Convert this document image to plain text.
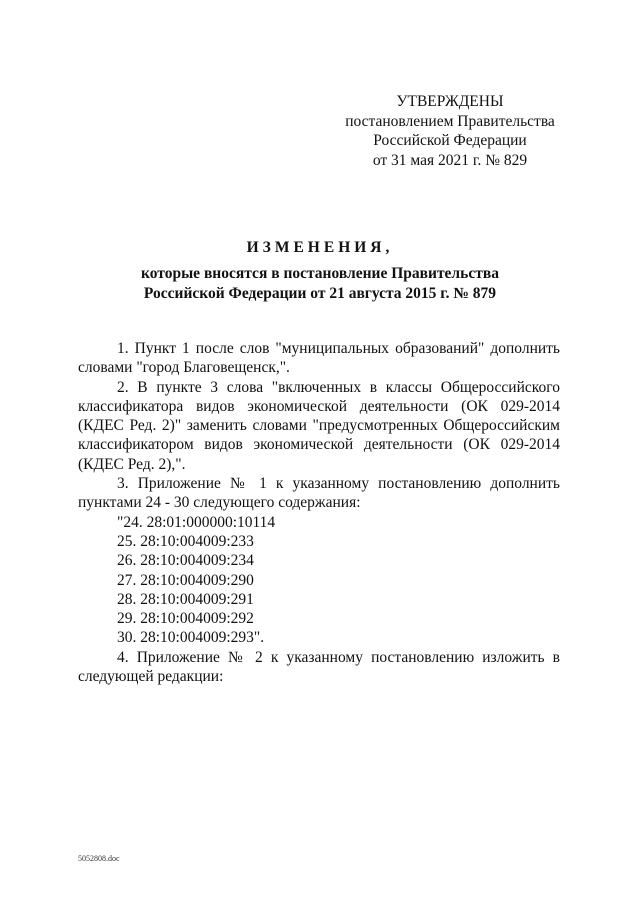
УТВЕРЖДЕНЫ
постановлением Правительства
Российской Федерации
от 31 мая 2021 г. № 829
ИЗМЕНЕНИЯ,
которые вносятся в постановление Правительства
Российской Федерации от 21 августа 2015 г. № 879

1. Пункт 1 после слов "муниципальных образований" дополнить словами "город Благовещенск,".

2. В пункте 3 слова "включенных в классы Общероссийского классификатора видов экономической деятельности (ОК 029-2014 (КДЕС Ред. 2)" заменить словами "предусмотренных Общероссийским классификатором видов экономической деятельности (ОК 029-2014 (КДЕС Ред. 2),".

3. Приложение № 1 к указанному постановлению дополнить пунктами 24 - 30 следующего содержания:

"24. 28:01:000000:10114
25. 28:10:004009:233
26. 28:10:004009:234
27. 28:10:004009:290
28. 28:10:004009:291
29. 28:10:004009:292
30. 28:10:004009:293".

4. Приложение № 2 к указанному постановлению изложить в следующей редакции:

5052808.doc
